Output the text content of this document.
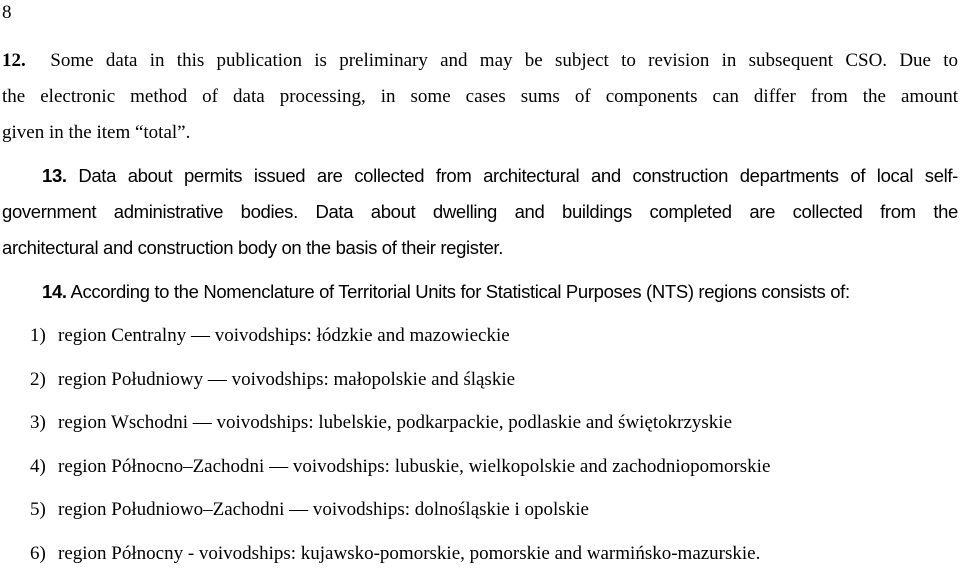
8
12. Some data in this publication is preliminary and may be subject to revision in subsequent CSO. Due to
the electronic method of data processing, in some cases sums of components can differ from the amount
given in the item “total”.
13. Data about permits issued are collected from architectural and construction departments of local self-
government administrative bodies. Data about dwelling and buildings completed are collected from the
architectural and construction body on the basis of their register.
14. According to the Nomenclature of Territorial Units for Statistical Purposes (NTS) regions consists of:
1) region Centralny — voivodships: łódzkie and mazowieckie
2) region Południowy — voivodships: małopolskie and śląskie
3) region Wschodni — voivodships: lubelskie, podkarpackie, podlaskie and świętokrzyskie
4) region Północno–Zachodni — voivodships: lubuskie, wielkopolskie and zachodniopomorskie
5) region Południowo–Zachodni — voivodships: dolnośląskie i opolskie
6) region Północny - voivodships: kujawsko-pomorskie, pomorskie and warmińsko-mazurskie.
